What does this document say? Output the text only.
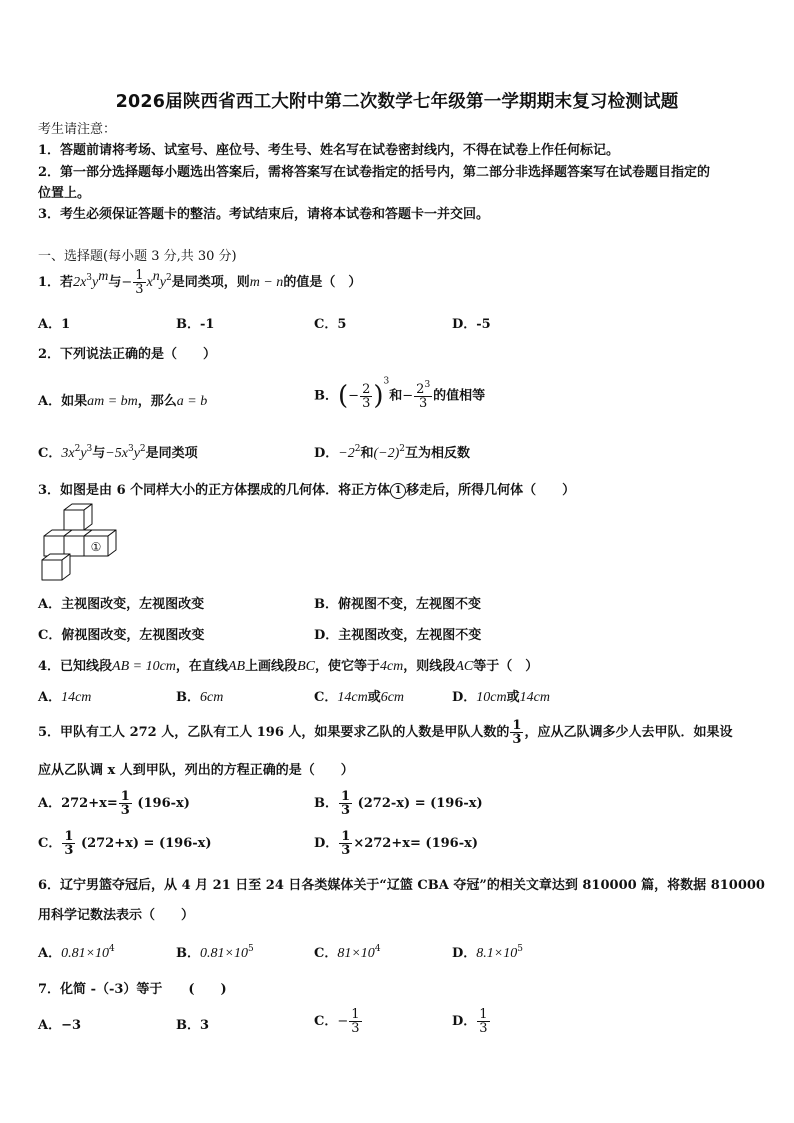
2026届陕西省西工大附中第二次数学七年级第一学期期末复习检测试题
考生请注意：
1．答题前请将考场、试室号、座位号、考生号、姓名写在试卷密封线内，不得在试卷上作任何标记。
2．第一部分选择题每小题选出答案后，需将答案写在试卷指定的括号内，第二部分非选择题答案写在试卷题目指定的
位置上。
3．考生必须保证答题卡的整洁。考试结束后，请将本试卷和答题卡一并交回。
一、选择题(每小题 3 分,共 30 分)
1．若$2x^3y^m$与− $\frac{1}{3} x^ny^2$是同类项，则m − n的值是（　）
A．1	B．-1	C．5	D．-5
2．下列说法正确的是（　　）
A．如果am = bm，那么a = b	B．(− $\frac{2}{3} )^3$和− $\frac{2^3}{3}$ 的值相等
C．$3x^2y^3$与$-5x^3y^2$是同类项	D．$-2^2$和$(-2)^2$互为相反数
3．如图是由 6 个同样大小的正方体摆成的几何体．将正方体 1 移走后，所得几何体（　　）
①
A．主视图改变，左视图改变	B．俯视图不变，左视图不变
C．俯视图改变，左视图改变	D．主视图改变，左视图不变
4．已知线段AB = 10cm，在直线AB上画线段BC，使它等于4cm，则线段AC等于（　）
A．14cm	B．6cm	C．14cm或6cm	D．10cm或14cm
5．甲队有工人 272 人，乙队有工人 196 人，如果要求乙队的人数是甲队人数的 $\frac{1}{3}$ ，应从乙队调多少人去甲队．如果设
应从乙队调 x 人到甲队，列出的方程正确的是（　　）
A．$272+x= \frac{1}{3} (196-x)$	B． $\frac{1}{3} (272-x) = (196-x)$
C． $\frac{1}{3} (272+x) = (196-x)$	D． $\frac{1}{3} \times 272+x= (196-x)$
6．辽宁男篮夺冠后，从 4 月 21 日至 24 日各类媒体关于“辽篮 CBA 夺冠”的相关文章达到 810000 篇，将数据 810000
用科学记数法表示（　　）
A．$0.81\times 10^4$	B．$0.81\times 10^5$	C．$81\times 10^4$	D．$8.1\times 10^5$
7．化简 -（-3）等于　　(　　)
A．−3	B．3	C．− $\frac{1}{3}$	D． $\frac{1}{3}$
